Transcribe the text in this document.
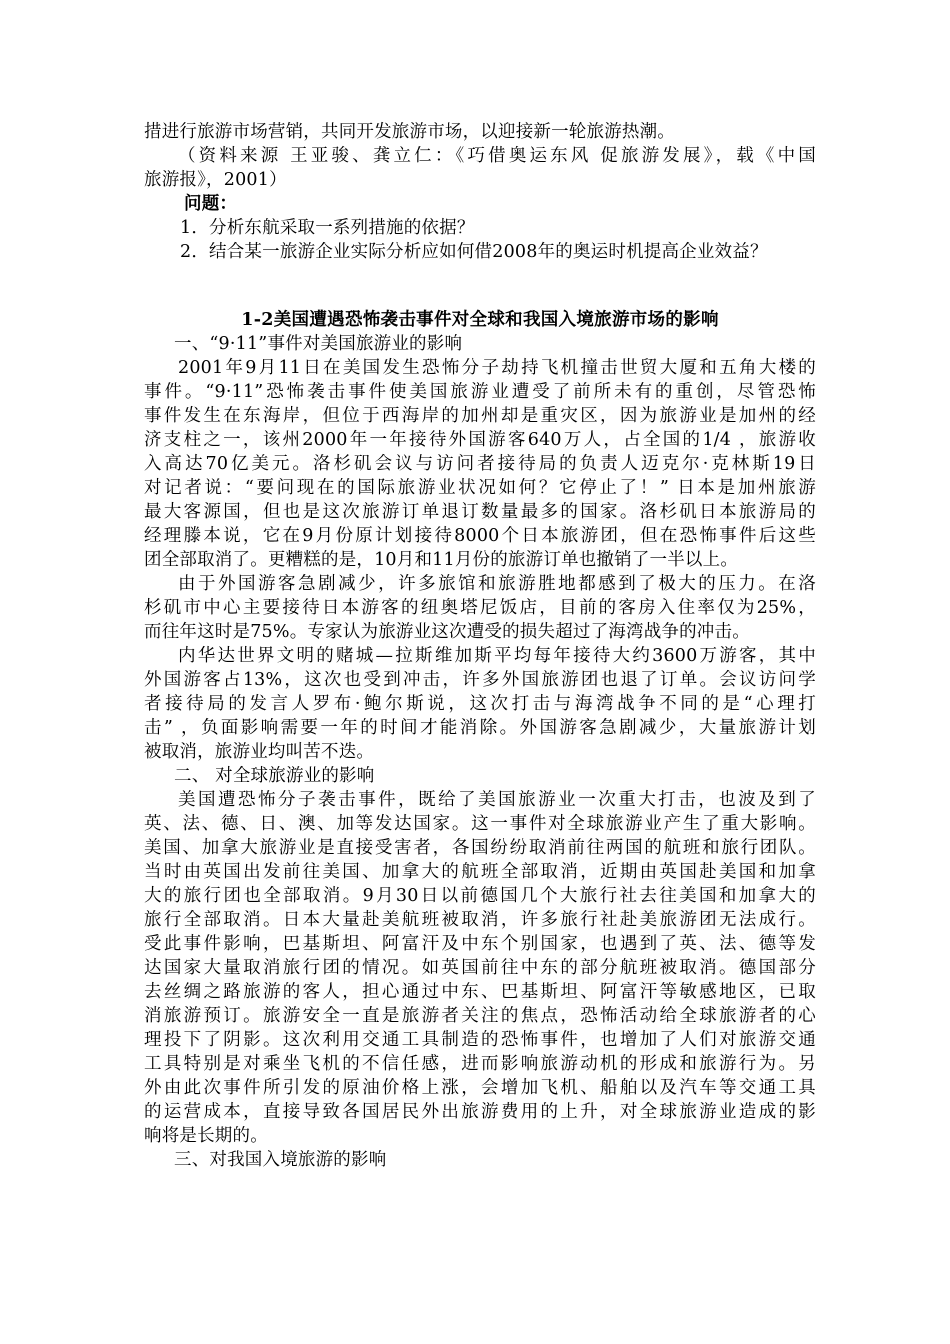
措进行旅游市场营销，共同开发旅游市场，以迎接新一轮旅游热潮。
（资料来源 王亚骏、龚立仁：《巧借奥运东风 促旅游发展》，载《中国
旅游报》，2001）
问题：
1．分析东航采取一系列措施的依据？
2．结合某一旅游企业实际分析应如何借2008年的奥运时机提高企业效益？
1-2美国遭遇恐怖袭击事件对全球和我国入境旅游市场的影响
一、“9·11”事件对美国旅游业的影响
2001年9月11日在美国发生恐怖分子劫持飞机撞击世贸大厦和五角大楼的
事件。“9·11”恐怖袭击事件使美国旅游业遭受了前所未有的重创，尽管恐怖
事件发生在东海岸，但位于西海岸的加州却是重灾区，因为旅游业是加州的经
济支柱之一，该州2000年一年接待外国游客640万人，占全国的1/4 ，旅游收
入高达70亿美元。洛杉矶会议与访问者接待局的负责人迈克尔·克林斯19日
对记者说：“要问现在的国际旅游业状况如何？它停止了！” 日本是加州旅游
最大客源国，但也是这次旅游订单退订数量最多的国家。洛杉矶日本旅游局的
经理滕本说，它在9月份原计划接待8000个日本旅游团，但在恐怖事件后这些
团全部取消了。更糟糕的是，10月和11月份的旅游订单也撤销了一半以上。
由于外国游客急剧减少，许多旅馆和旅游胜地都感到了极大的压力。在洛
杉矶市中心主要接待日本游客的纽奥塔尼饭店，目前的客房入住率仅为25%，
而往年这时是75%。专家认为旅游业这次遭受的损失超过了海湾战争的冲击。
内华达世界文明的赌城—拉斯维加斯平均每年接待大约3600万游客，其中
外国游客占13%，这次也受到冲击，许多外国旅游团也退了订单。会议访问学
者接待局的发言人罗布·鲍尔斯说，这次打击与海湾战争不同的是“心理打
击” ，负面影响需要一年的时间才能消除。外国游客急剧减少，大量旅游计划
被取消，旅游业均叫苦不迭。
二、 对全球旅游业的影响
美国遭恐怖分子袭击事件，既给了美国旅游业一次重大打击，也波及到了
英、法、德、日、澳、加等发达国家。这一事件对全球旅游业产生了重大影响。
美国、加拿大旅游业是直接受害者，各国纷纷取消前往两国的航班和旅行团队。
当时由英国出发前往美国、加拿大的航班全部取消，近期由英国赴美国和加拿
大的旅行团也全部取消。9月30日以前德国几个大旅行社去往美国和加拿大的
旅行全部取消。日本大量赴美航班被取消，许多旅行社赴美旅游团无法成行。
受此事件影响，巴基斯坦、阿富汗及中东个别国家，也遇到了英、法、德等发
达国家大量取消旅行团的情况。如英国前往中东的部分航班被取消。德国部分
去丝绸之路旅游的客人，担心通过中东、巴基斯坦、阿富汗等敏感地区，已取
消旅游预订。旅游安全一直是旅游者关注的焦点，恐怖活动给全球旅游者的心
理投下了阴影。这次利用交通工具制造的恐怖事件，也增加了人们对旅游交通
工具特别是对乘坐飞机的不信任感，进而影响旅游动机的形成和旅游行为。另
外由此次事件所引发的原油价格上涨，会增加飞机、船舶以及汽车等交通工具
的运营成本，直接导致各国居民外出旅游费用的上升，对全球旅游业造成的影
响将是长期的。
三、对我国入境旅游的影响
